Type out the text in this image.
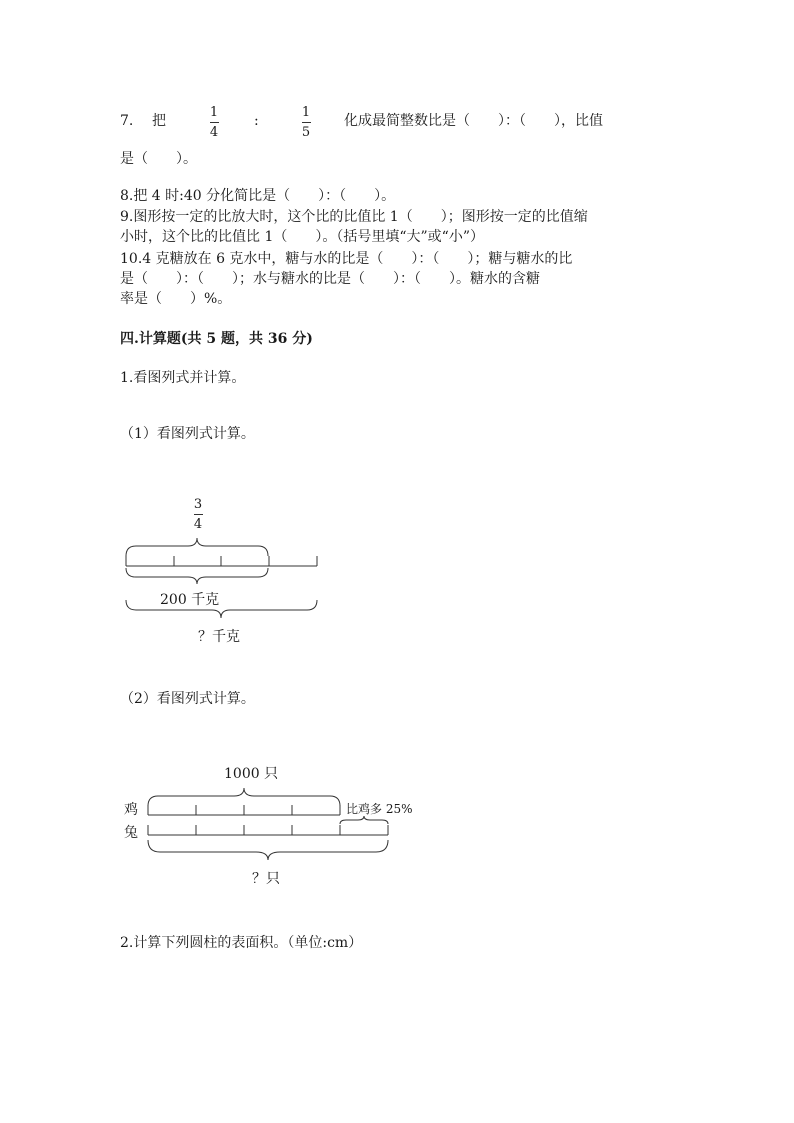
7. 把
1
4
:
1
5
化成最简整数比是（　　）：（　　），比值
是（　　）。
8.把 4 时:40 分化简比是（　　）：（　　）。
9.图形按一定的比放大时，这个比的比值比 1（　　）；图形按一定的比值缩
小时，这个比的比值比 1（　　）。（括号里填“大”或“小”）
10.4 克糖放在 6 克水中，糖与水的比是（　　）：（　　）；糖与糖水的比
是（　　）：（　　）；水与糖水的比是（　　）：（　　）。糖水的含糖
率是（　　）%。
四.计算题(共 5 题，共 36 分)
1.看图列式并计算。
（1）看图列式计算。
3
4
200 千克
？千克
（2）看图列式计算。
1000 只
鸡
兔
比鸡多 25%
？只
2.计算下列圆柱的表面积。（单位:cm）
